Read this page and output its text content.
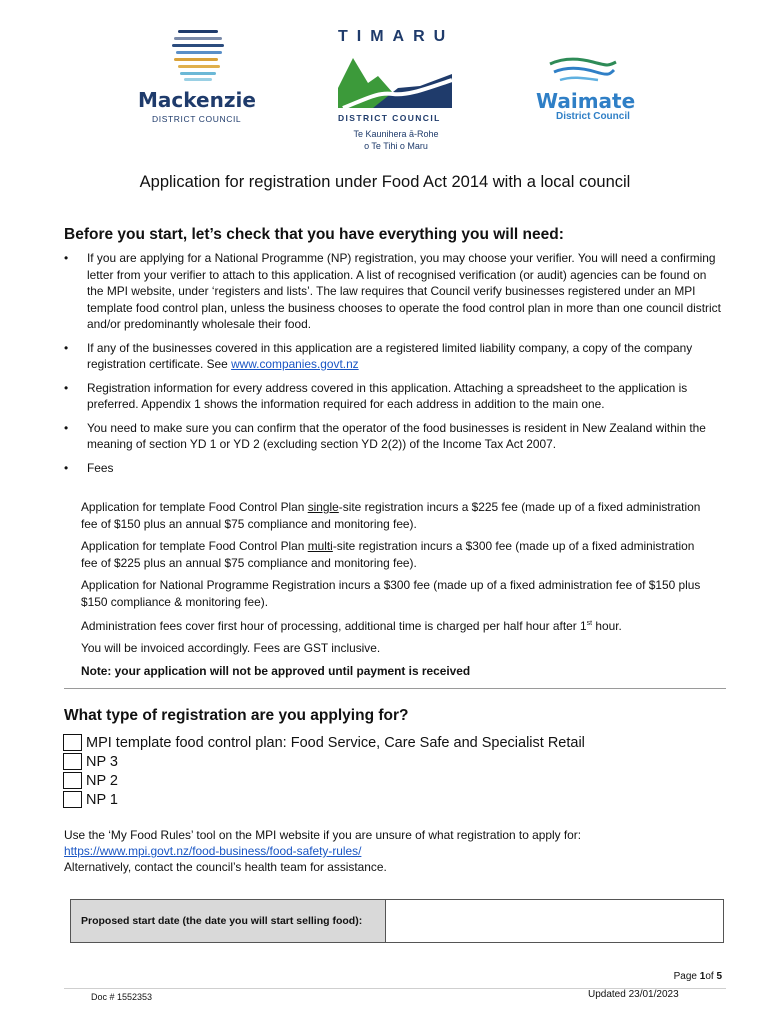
Mackenzie
DISTRICT COUNCIL
TIMARU
DISTRICT COUNCIL
Te Kaunihera ā-Rohe
o Te Tihi o Maru
Waimate
District Council
Application for registration under Food Act 2014 with a local council
Before you start, let’s check that you have everything you will need:
• If you are applying for a National Programme (NP) registration, you may choose your verifier. You will need a confirming letter from your verifier to attach to this application. A list of recognised verification (or audit) agencies can be found on the MPI website, under ‘registers and lists’. The law requires that Council verify businesses registered under an MPI template food control plan, unless the business chooses to operate the food control plan in more than one council district and/or predominantly wholesale their food.
• If any of the businesses covered in this application are a registered limited liability company, a copy of the company registration certificate. See www.companies.govt.nz
• Registration information for every address covered in this application. Attaching a spreadsheet to the application is preferred. Appendix 1 shows the information required for each address in addition to the main one.
• You need to make sure you can confirm that the operator of the food businesses is resident in New Zealand within the meaning of section YD 1 or YD 2 (excluding section YD 2(2)) of the Income Tax Act 2007.
• Fees
Application for template Food Control Plan single-site registration incurs a $225 fee (made up of a fixed administration fee of $150 plus an annual $75 compliance and monitoring fee).
Application for template Food Control Plan multi-site registration incurs a $300 fee (made up of a fixed administration fee of $225 plus an annual $75 compliance and monitoring fee).
Application for National Programme Registration incurs a $300 fee (made up of a fixed administration fee of $150 plus $150 compliance & monitoring fee).
Administration fees cover first hour of processing, additional time is charged per half hour after 1st hour.
You will be invoiced accordingly. Fees are GST inclusive.
Note: your application will not be approved until payment is received
What type of registration are you applying for?
MPI template food control plan: Food Service, Care Safe and Specialist Retail
NP 3
NP 2
NP 1
Use the ‘My Food Rules’ tool on the MPI website if you are unsure of what registration to apply for:
https://www.mpi.govt.nz/food-business/food-safety-rules/
Alternatively, contact the council’s health team for assistance.
Proposed start date (the date you will start selling food):
Page 1of 5
Doc # 1552353	Updated 23/01/2023
